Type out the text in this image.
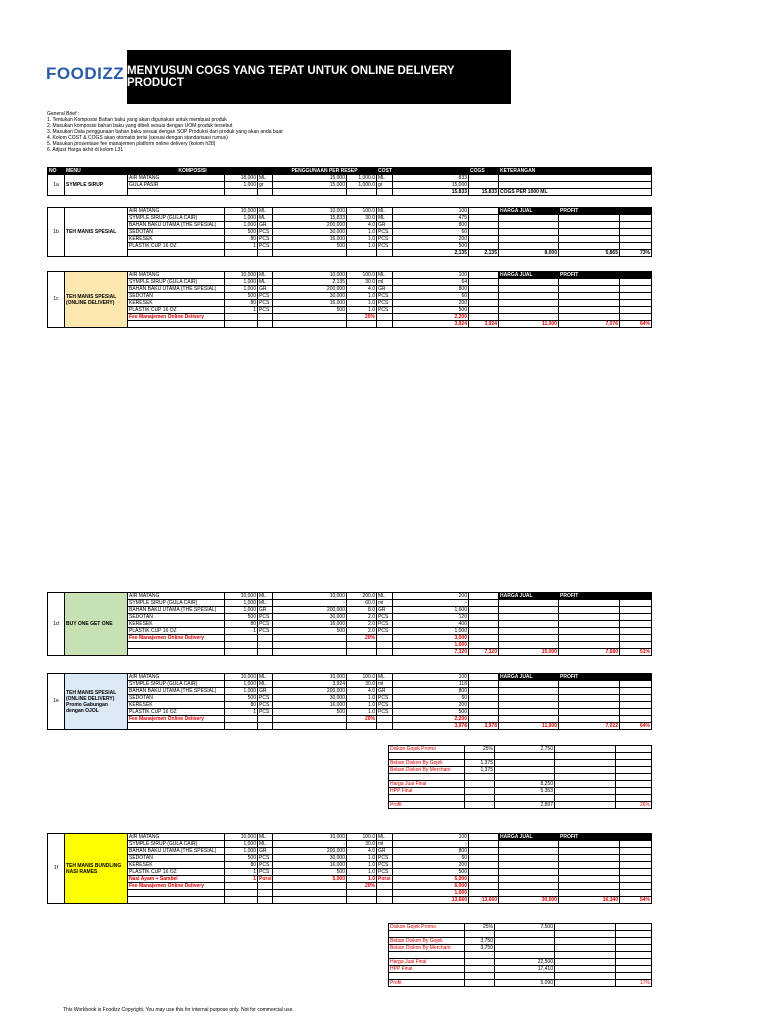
FOODIZZ MENYUSUN COGS YANG TEPAT UNTUK ONLINE DELIVERY PRODUCT
General Brief :
1. Tentukan Komposisi Bahan baku yang akan digunakan untuk membuat produk
2. Masukan komposisi bahan baku yang dibeli sesuai dengan UOM produk tersebut
3. Masukan Data penggunaan bahan baku sesuai dengan SOP Produksi dari produk yang akan anda buat
4. Kolom COST & COGS akan otomatis terisi (sesuai dengan standarisasi rumus)
5. Masukan prosentase fee manajemen platform online delivery (kolom h28)
6. Adjust Harga akhir di kolom L31
NO	MENU	KOMPOSISI			PENGGUNAAN PER RESEP		COST		COGS	KETERANGAN
1a	SYMPLE SIRUP	AIR MATANG	18,000	ML	15,000	1,000.0	ML	833		
		GULA PASIR	1,000	gr	15,000	1,000.0	gr	15,000		
								15,833	15,833	COGS PER 1000 ML
1b	TEH MANIS SPESIAL	AIR MATANG	10,000	ML	10,000	100.0	ML	100		HARGA JUAL	PROFIT	
		SYMPLE SIRUP (GULA CAIR)	1,000	ML	15,833	30.0	ML	475				
		BAHAN BAKU UTAMA (THE SPESIAL)	1,000	GR	200,000	4.0	GR	800				
		SEDOTAN	500	PCS	30,000	1.0	PCS	60				
		KERESEK	80	PCS	16,000	1.0	PCS	200				
		PLASTIK CUP 16 OZ	1	PCS	500	1.0	PCS	500				
								2,135	2,135	8,000	5,865	73%
1c	TEH MANIS SPESIAL (ONLINE DELIVERY)	AIR MATANG	10,000	ML	10,000	100.0	ML	100		HARGA JUAL	PROFIT	
		SYMPLE SIRUP (GULA CAIR)	1,000	ML	2,135	30.0	ml	64				
		BAHAN BAKU UTAMA (THE SPESIAL)	1,000	GR	200,000	4.0	GR	800				
		SEDOTAN	500	PCS	30,000	1.0	PCS	60				
		KERESEK	80	PCS	16,000	1.0	PCS	200				
		PLASTIK CUP 16 OZ	1	PCS	500	1.0	PCS	500				
		Fee Manajemen Online Delivery				20%		2,200				
								3,924	3,924	11,000	7,076	64%
1d	BUY ONE GET ONE	AIR MATANG	10,000	ML	10,000	200.0	ML	200		HARGA JUAL	PROFIT	
		SYMPLE SIRUP (GULA CAIR)	1,000	ML	-	60.0	ml	-				
		BAHAN BAKU UTAMA (THE SPESIAL)	1,000	GR	200,000	8.0	GR	1,600				
		SEDOTAN	500	PCS	30,000	2.0	PCS	120				
		KERESEK	80	PCS	16,000	2.0	PCS	400				
		PLASTIK CUP 16 OZ	1	PCS	500	2.0	PCS	1,000				
		Fee Manajemen Online Delivery				20%		3,000				
								1,000				
								7,320	7,320	15,000	7,680	51%
1e	TEH MANIS SPESIAL (ONLINE DELIVERY) Promo Gabungan dengan OJOL	AIR MATANG	10,000	ML	10,000	100.0	ML	100		HARGA JUAL	PROFIT	
		SYMPLE SIRUP (GULA CAIR)	1,000	ML	3,924	30.0	ml	118				
		BAHAN BAKU UTAMA (THE SPESIAL)	1,000	GR	200,000	4.0	GR	800				
		SEDOTAN	500	PCS	30,000	1.0	PCS	60				
		KERESEK	80	PCS	16,000	1.0	PCS	200				
		PLASTIK CUP 16 OZ	1	PCS	500	1.0	PCS	500				
		Fee Manajemen Online Delivery				20%		2,200				
								3,978	3,978	11,000	7,022	64%
Diskon Gojek Promo	25%	2,750		

Beban Diskon By Gojek	1,375			
Beban Diskon By Merchant	1,375			

Harga Jual Final		8,250		
HPP Final		5,353		

Profit		2,897		26%
1f	TEH MANIS BUNDLING NASI RAMES	AIR MATANG	10,000	ML	10,000	100.0	ML	100		HARGA JUAL	PROFIT	
		SYMPLE SIRUP (GULA CAIR)	1,000	ML	-	30.0	ml	-				
		BAHAN BAKU UTAMA (THE SPESIAL)	1,000	GR	200,000	4.0	GR	800				
		SEDOTAN	500	PCS	30,000	1.0	PCS	60				
		KERESEK	80	PCS	16,000	1.0	PCS	200				
		PLASTIK CUP 16 OZ	1	PCS	500	1.0	PCS	500				
		Nasi Ayam + Sambel	1	Porsi	5,000	1.0	Porsi	5,000				
		Fee Manajemen Online Delivery				20%		6,000				
								1,000				
								13,660	13,660	30,000	16,340	54%
Diskon Gojek Promo	25%	7,500		

Beban Diskon By Gojek	3,750			
Beban Diskon By Merchant	3,750			

Harga Jual Final		22,500		
HPP Final		17,410		

Profit		5,090		17%
This Workbook is Foodizz Copyright. You may use this for internal purpose only. Not for commercial use.
